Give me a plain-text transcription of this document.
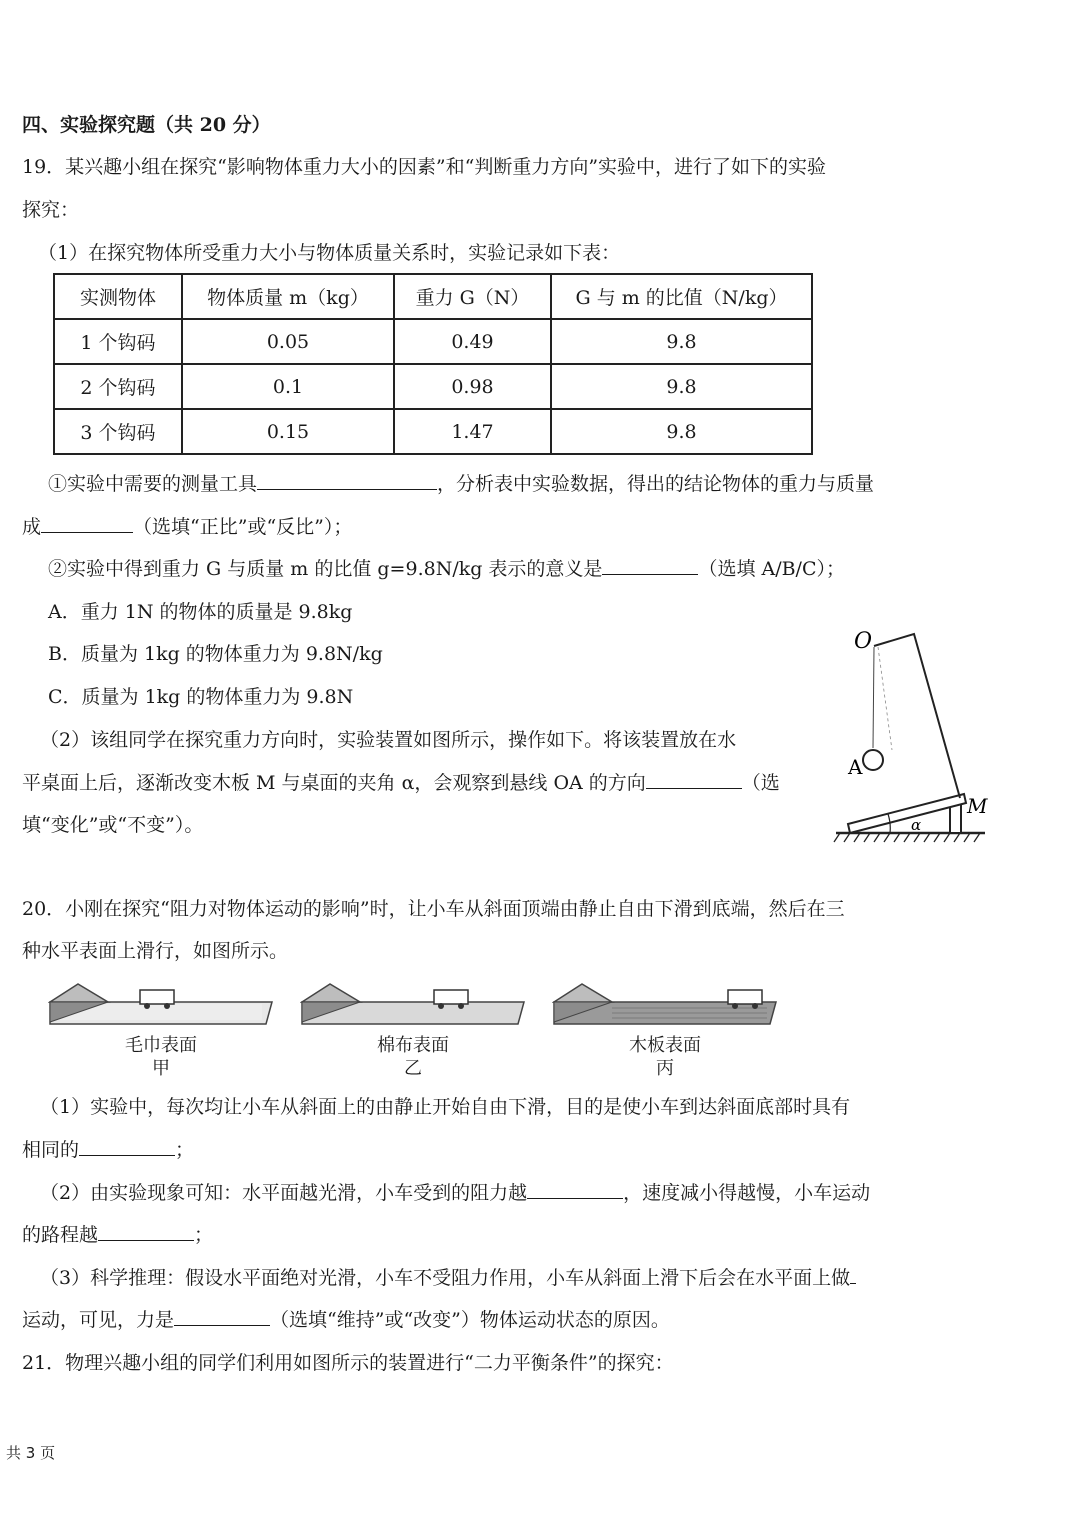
四、实验探究题（共 20 分）
19．某兴趣小组在探究“影响物体重力大小的因素”和“判断重力方向”实验中，进行了如下的实验
探究：
（1）在探究物体所受重力大小与物体质量关系时，实验记录如下表：
实测物体	物体质量 m（kg）	重力 G（N）	G 与 m 的比值（N/kg）
1 个钩码	0.05	0.49	9.8
2 个钩码	0.1	0.98	9.8
3 个钩码	0.15	1.47	9.8
①实验中需要的测量工具	，分析表中实验数据，得出的结论物体的重力与质量
成	（选填“正比”或“反比”）；
②实验中得到重力 G 与质量 m 的比值 g=9.8N/kg 表示的意义是	（选填 A/B/C）；
A．重力 1N 的物体的质量是 9.8kg
B．质量为 1kg 的物体重力为 9.8N/kg
C．质量为 1kg 的物体重力为 9.8N
（2）该组同学在探究重力方向时，实验装置如图所示，操作如下。将该装置放在水
平桌面上后，逐渐改变木板 M 与桌面的夹角 α，会观察到悬线 OA 的方向	（选
填“变化”或“不变”）。
O
A
M
α
20．小刚在探究“阻力对物体运动的影响”时，让小车从斜面顶端由静止自由下滑到底端，然后在三
种水平表面上滑行，如图所示。
毛巾表面
甲
棉布表面
乙
木板表面
丙
（1）实验中，每次均让小车从斜面上的由静止开始自由下滑，目的是使小车到达斜面底部时具有
相同的	；
（2）由实验现象可知：水平面越光滑，小车受到的阻力越	，速度减小得越慢，小车运动
的路程越	；
（3）科学推理：假设水平面绝对光滑，小车不受阻力作用，小车从斜面上滑下后会在水平面上做
运动，可见，力是	（选填“维持”或“改变”）物体运动状态的原因。
21．物理兴趣小组的同学们利用如图所示的装置进行“二力平衡条件”的探究：
共 3 页
